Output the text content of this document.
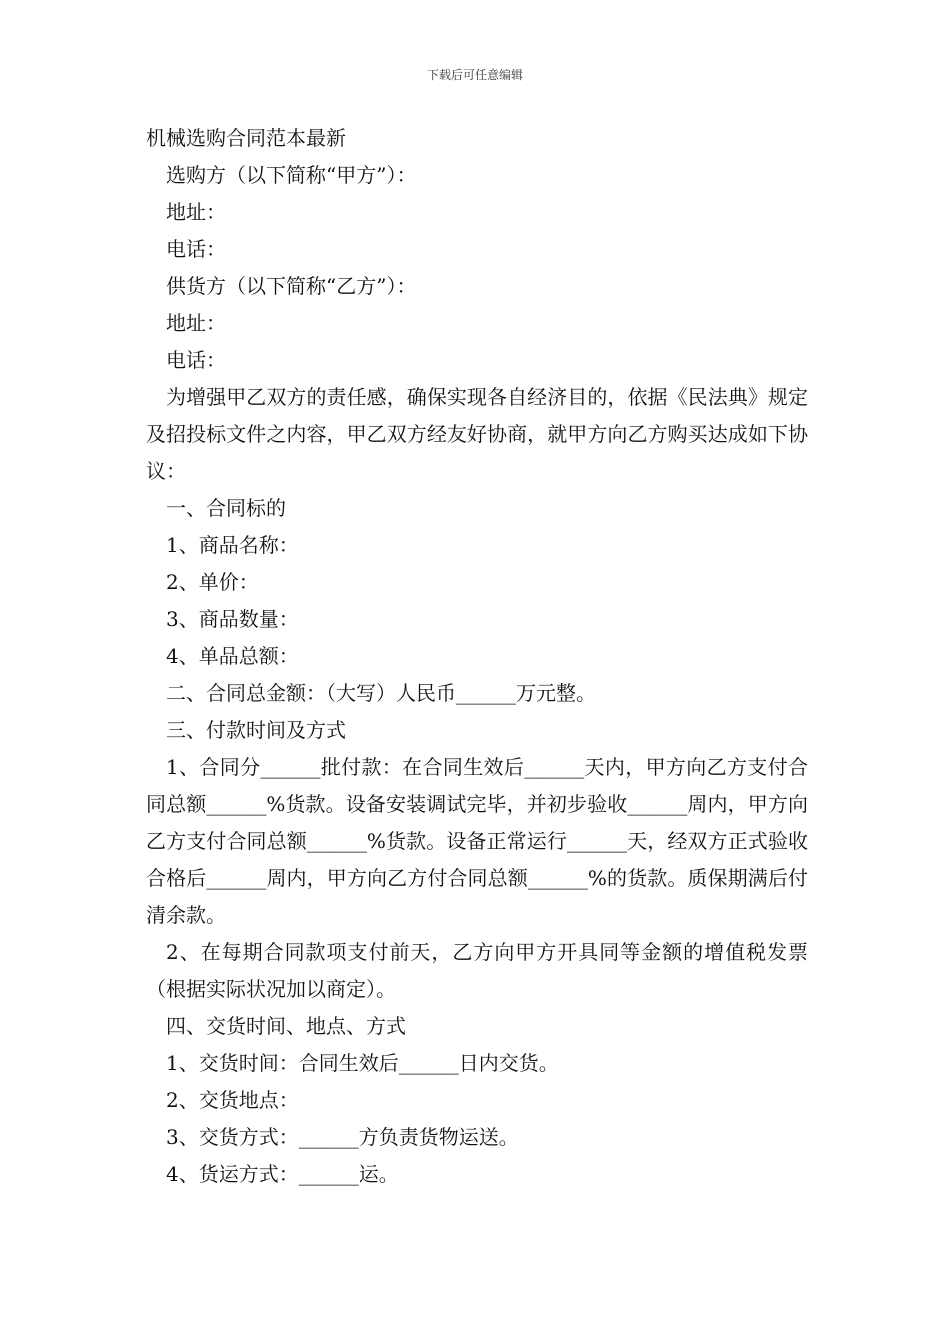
下载后可任意编辑

机械选购合同范本最新

选购方（以下简称“甲方”）：

地址：

电话：

供货方（以下简称“乙方”）：

地址：

电话：

为增强甲乙双方的责任感，确保实现各自经济目的，依据《民法典》规定及招投标文件之内容，甲乙双方经友好协商，就甲方向乙方购买达成如下协议：

一、合同标的

1、商品名称：

2、单价：

3、商品数量：

4、单品总额：

二、合同总金额：（大写）人民币______万元整。

三、付款时间及方式

1、合同分______批付款：在合同生效后______天内，甲方向乙方支付合同总额______%货款。设备安装调试完毕，并初步验收______周内，甲方向乙方支付合同总额______%货款。设备正常运行______天，经双方正式验收合格后______周内，甲方向乙方付合同总额______%的货款。质保期满后付清余款。

2、在每期合同款项支付前天，乙方向甲方开具同等金额的增值税发票（根据实际状况加以商定）。

四、交货时间、地点、方式

1、交货时间：合同生效后______日内交货。

2、交货地点：

3、交货方式：______方负责货物运送。

4、货运方式：______运。
